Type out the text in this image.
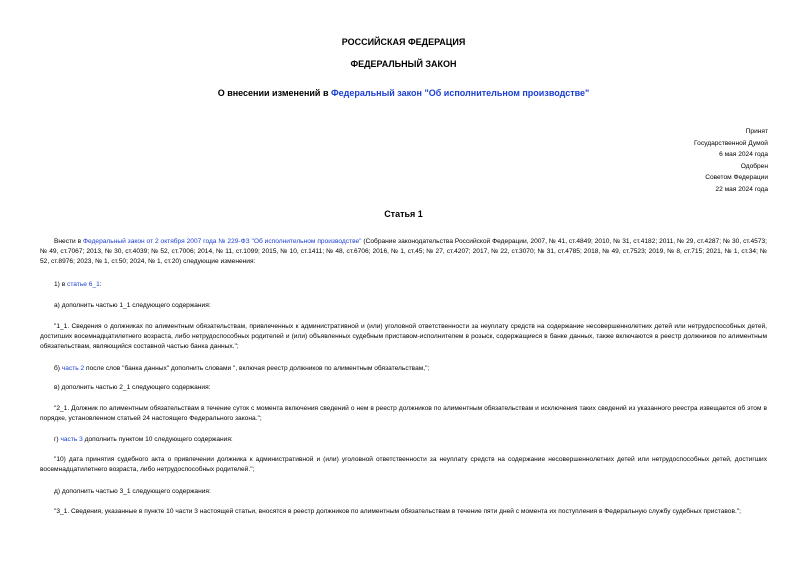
РОССИЙСКАЯ ФЕДЕРАЦИЯ
ФЕДЕРАЛЬНЫЙ ЗАКОН
О внесении изменений в Федеральный закон "Об исполнительном производстве"
Принят
Государственной Думой
6 мая 2024 года
Одобрен
Советом Федерации
22 мая 2024 года
Статья 1
Внести в Федеральный закон от 2 октября 2007 года № 229-ФЗ "Об исполнительном производстве" (Собрание законодательства Российской Федерации, 2007, № 41, ст.4849; 2010, № 31, ст.4182; 2011, № 29, ст.4287; № 30, ст.4573; № 49, ст.7067; 2013, № 30, ст.4039; № 52, ст.7006; 2014, № 11, ст.1099; 2015, № 10, ст.1411; № 48, ст.6706; 2016, № 1, ст.45; № 27, ст.4207; 2017, № 22, ст.3070; № 31, ст.4785; 2018, № 49, ст.7523; 2019, № 8, ст.715; 2021, № 1, ст.34; № 52, ст.8976; 2023, № 1, ст.50; 2024, № 1, ст.20) следующие изменения:
1) в статье 6_1:
а) дополнить частью 1_1 следующего содержания:
"1_1. Сведения о должниках по алиментным обязательствам, привлеченных к административной и (или) уголовной ответственности за неуплату средств на содержание несовершеннолетних детей или нетрудоспособных детей, достигших восемнадцатилетнего возраста, либо нетрудоспособных родителей и (или) объявленных судебным приставом-исполнителем в розыск, содержащиеся в банке данных, также включаются в реестр должников по алиментным обязательствам, являющийся составной частью банка данных.";
б) часть 2 после слов "банка данных" дополнить словами ", включая реестр должников по алиментным обязательствам,";
в) дополнить частью 2_1 следующего содержания:
"2_1. Должник по алиментным обязательствам в течение суток с момента включения сведений о нем в реестр должников по алиментным обязательствам и исключения таких сведений из указанного реестра извещается об этом в порядке, установленном статьей 24 настоящего Федерального закона.";
г) часть 3 дополнить пунктом 10 следующего содержания:
"10) дата принятия судебного акта о привлечении должника к административной и (или) уголовной ответственности за неуплату средств на содержание несовершеннолетних детей или нетрудоспособных детей, достигших восемнадцатилетнего возраста, либо нетрудоспособных родителей.";
д) дополнить частью 3_1 следующего содержания:
"3_1. Сведения, указанные в пункте 10 части 3 настоящей статьи, вносятся в реестр должников по алиментным обязательствам в течение пяти дней с момента их поступления в Федеральную службу судебных приставов.";
